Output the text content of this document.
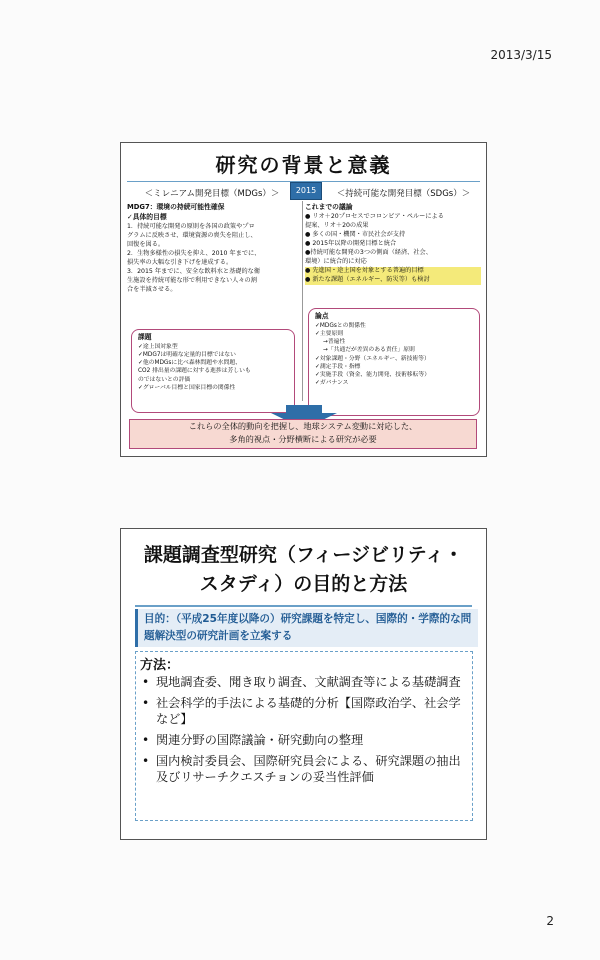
2013/3/15
研究の背景と意義
＜ミレニアム開発目標（MDGs）＞	2015	＜持続可能な開発目標（SDGs）＞
MDG7：環境の持続可能性確保
✓具体的目標
1．持続可能な開発の原則を各国の政策やプロ
グラムに反映させ、環境資源の喪失を阻止し、
回復を図る。
2．生物多様性の損失を抑え、2010 年までに、
損失率の大幅な引き下げを達成する。
3．2015 年までに、安全な飲料水と基礎的な衛
生施設を持続可能な形で利用できない人々の割
合を半減させる。
これまでの議論
● リオ＋20プロセスでコロンビア・ペルーによる
提案、リオ＋20の成果
● 多くの国・機関・市民社会が支持
● 2015年以降の開発目標と統合
●持続可能な開発の3つの側面（経済、社会、
環境）に統合的に対応
● 先進国・途上国を対象とする普遍的目標
● 新たな課題（エネルギー、防災等）も検討
課題
✓途上国対象型
✓MDG7は明確な定量的目標ではない
✓他のMDGsに比べ森林問題や水問題、
CO2 排出量の課題に対する進捗は芳しいも
のではないとの評価
✓グローバル目標と国家目標の関係性
論点
✓MDGsとの関係性
✓主要原則
→普遍性
→「共通だが差異のある責任」原則
✓対象課題・分野（エネルギー、新技術等）
✓測定手段・指標
✓実施手段（資金、能力開発、技術移転等）
✓ガバナンス
これらの全体的動向を把握し、地球システム変動に対応した、
多角的視点・分野横断による研究が必要
課題調査型研究（フィージビリティ・
スタディ）の目的と方法
目的：（平成25年度以降の）研究課題を特定し、国際的・学際的な問題解決型の研究計画を立案する
方法：
• 現地調査委、聞き取り調査、文献調査等による基礎調査
• 社会科学的手法による基礎的分析【国際政治学、社会学など】
• 関連分野の国際議論・研究動向の整理
• 国内検討委員会、国際研究員会による、研究課題の抽出及びリサーチクエスチョンの妥当性評価
2
